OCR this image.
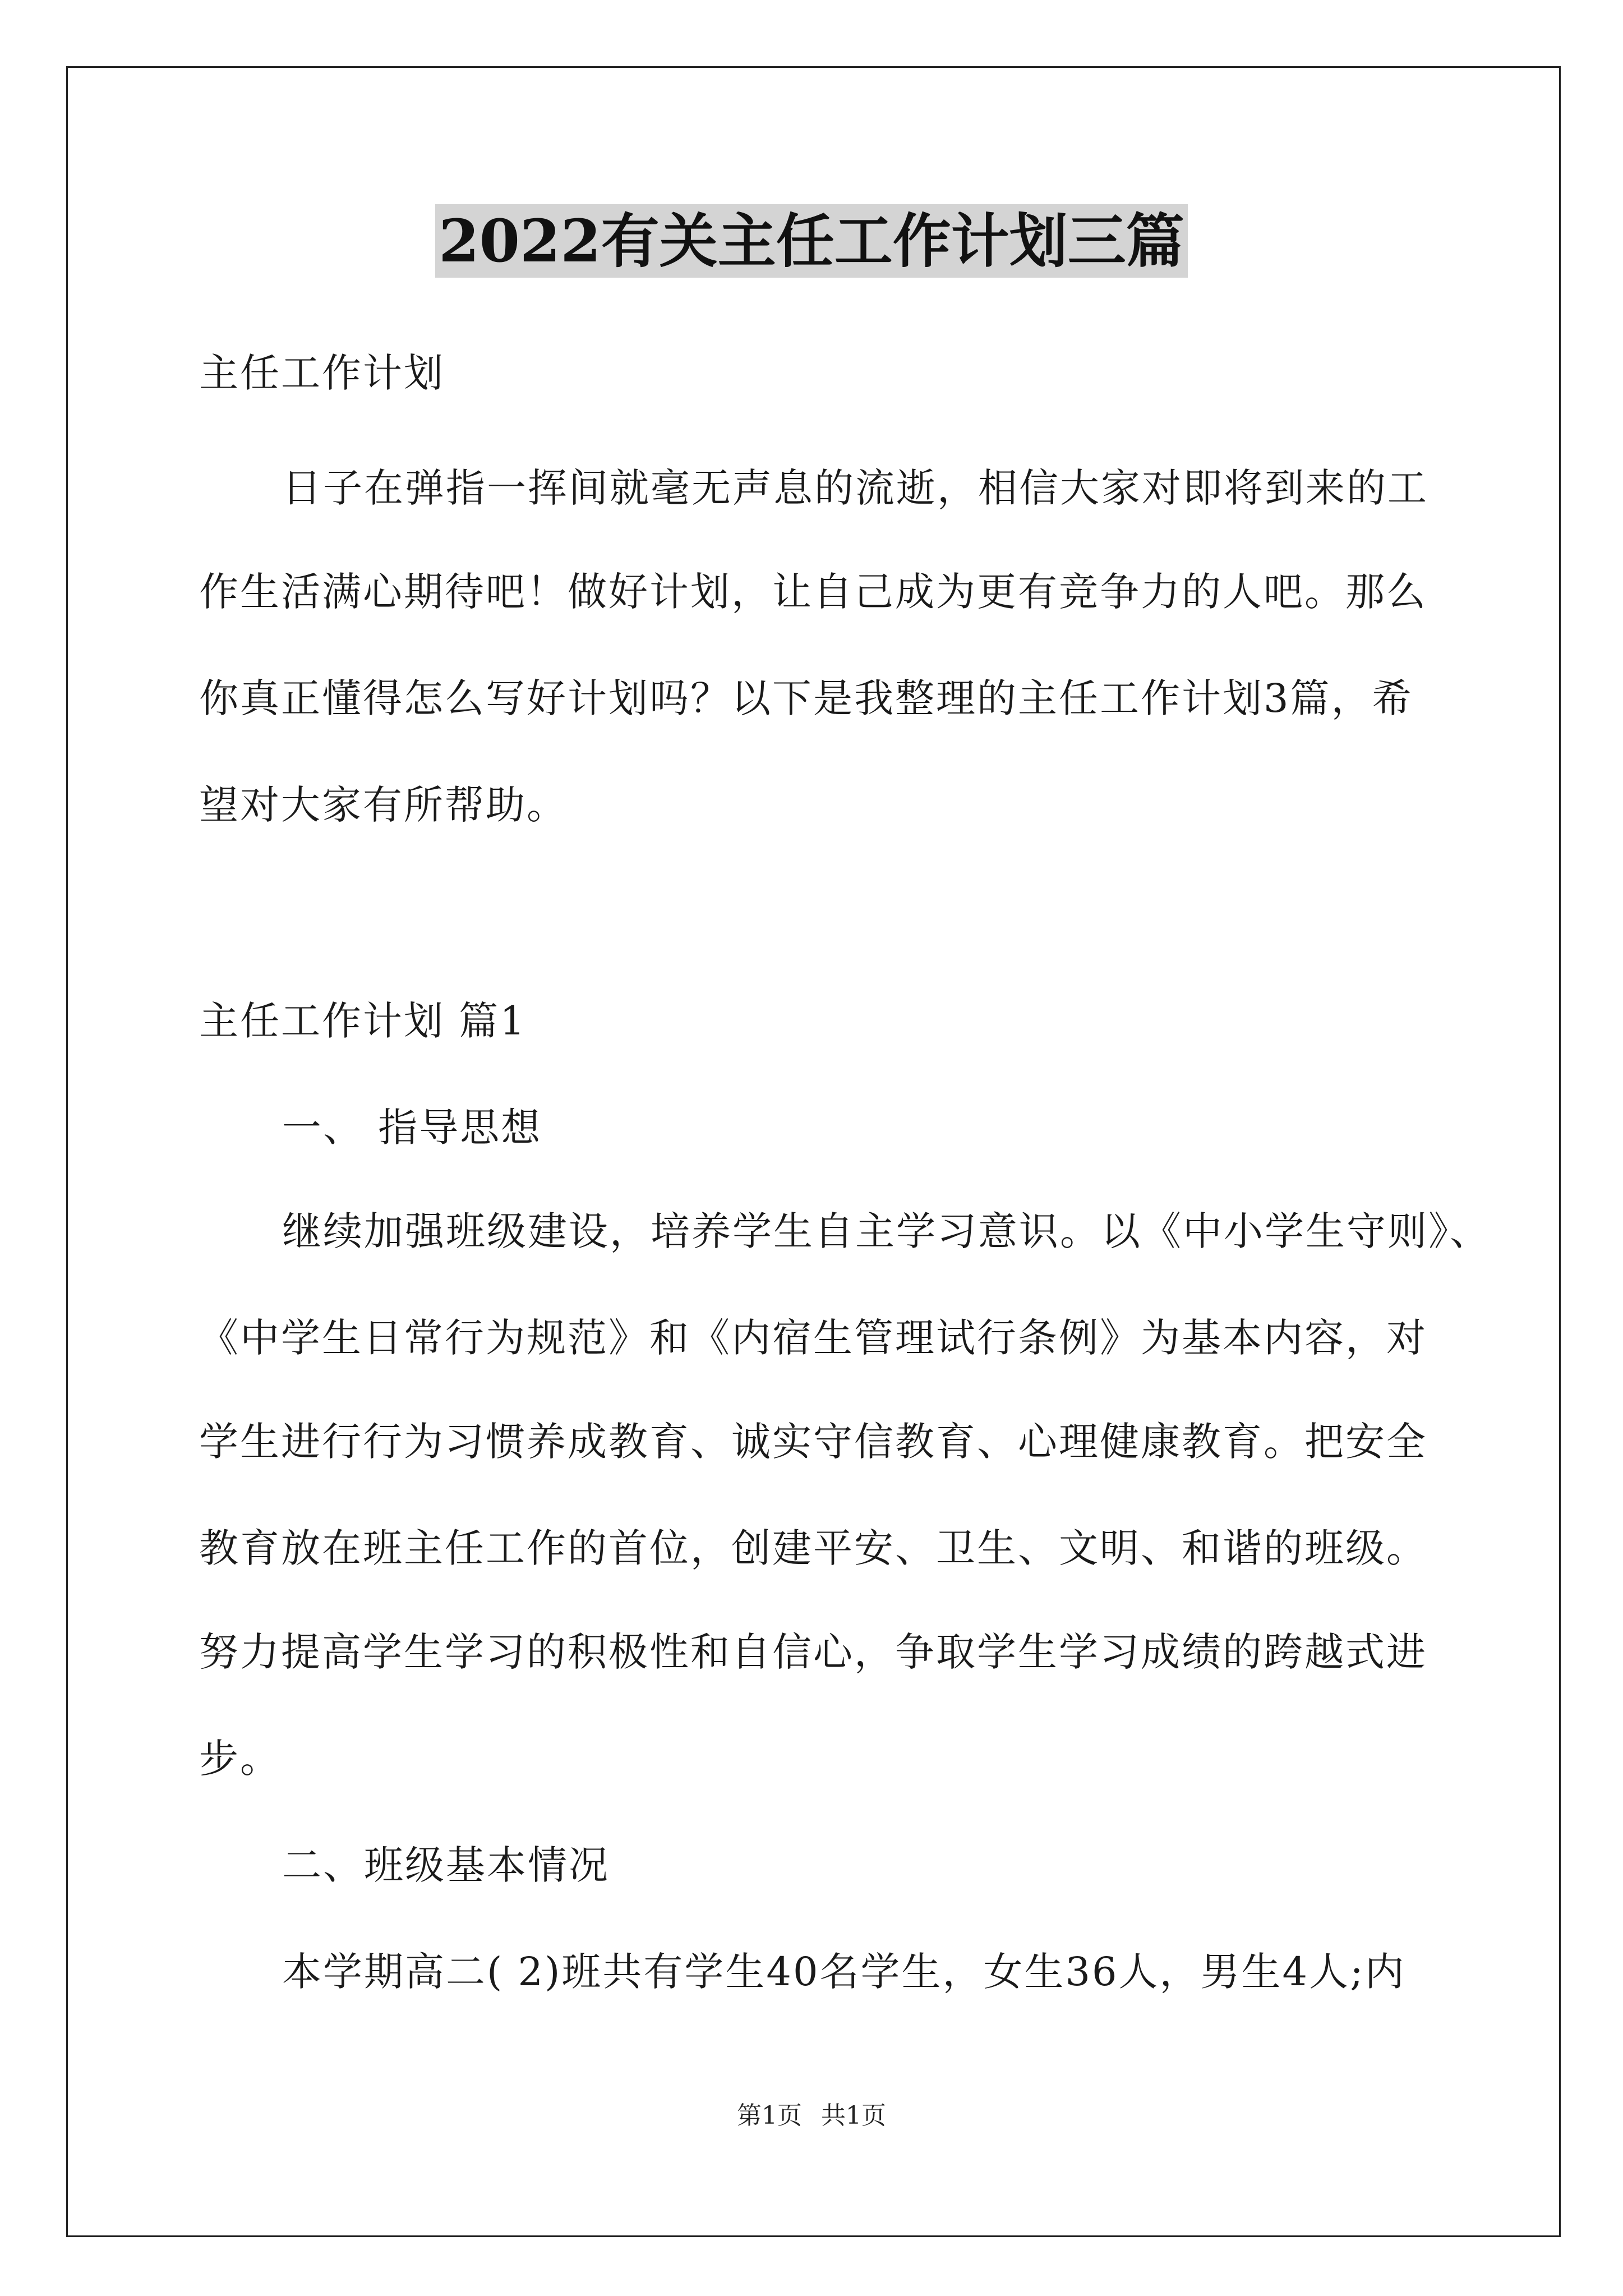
2022有关主任工作计划三篇

主任工作计划

日子在弹指一挥间就毫无声息的流逝，相信大家对即将到来的工

作生活满心期待吧！做好计划，让自己成为更有竞争力的人吧。那么

你真正懂得怎么写好计划吗？以下是我整理的主任工作计划3篇，希

望对大家有所帮助。

主任工作计划 篇1

一、 指导思想

继续加强班级建设，培养学生自主学习意识。以《中小学生守则》、

《中学生日常行为规范》和《内宿生管理试行条例》为基本内容，对

学生进行行为习惯养成教育、诚实守信教育、心理健康教育。把安全

教育放在班主任工作的首位，创建平安、卫生、文明、和谐的班级。

努力提高学生学习的积极性和自信心，争取学生学习成绩的跨越式进

步。

二、班级基本情况

本学期高二( 2)班共有学生40名学生，女生36人，男生4人;内

第1页 共1页
